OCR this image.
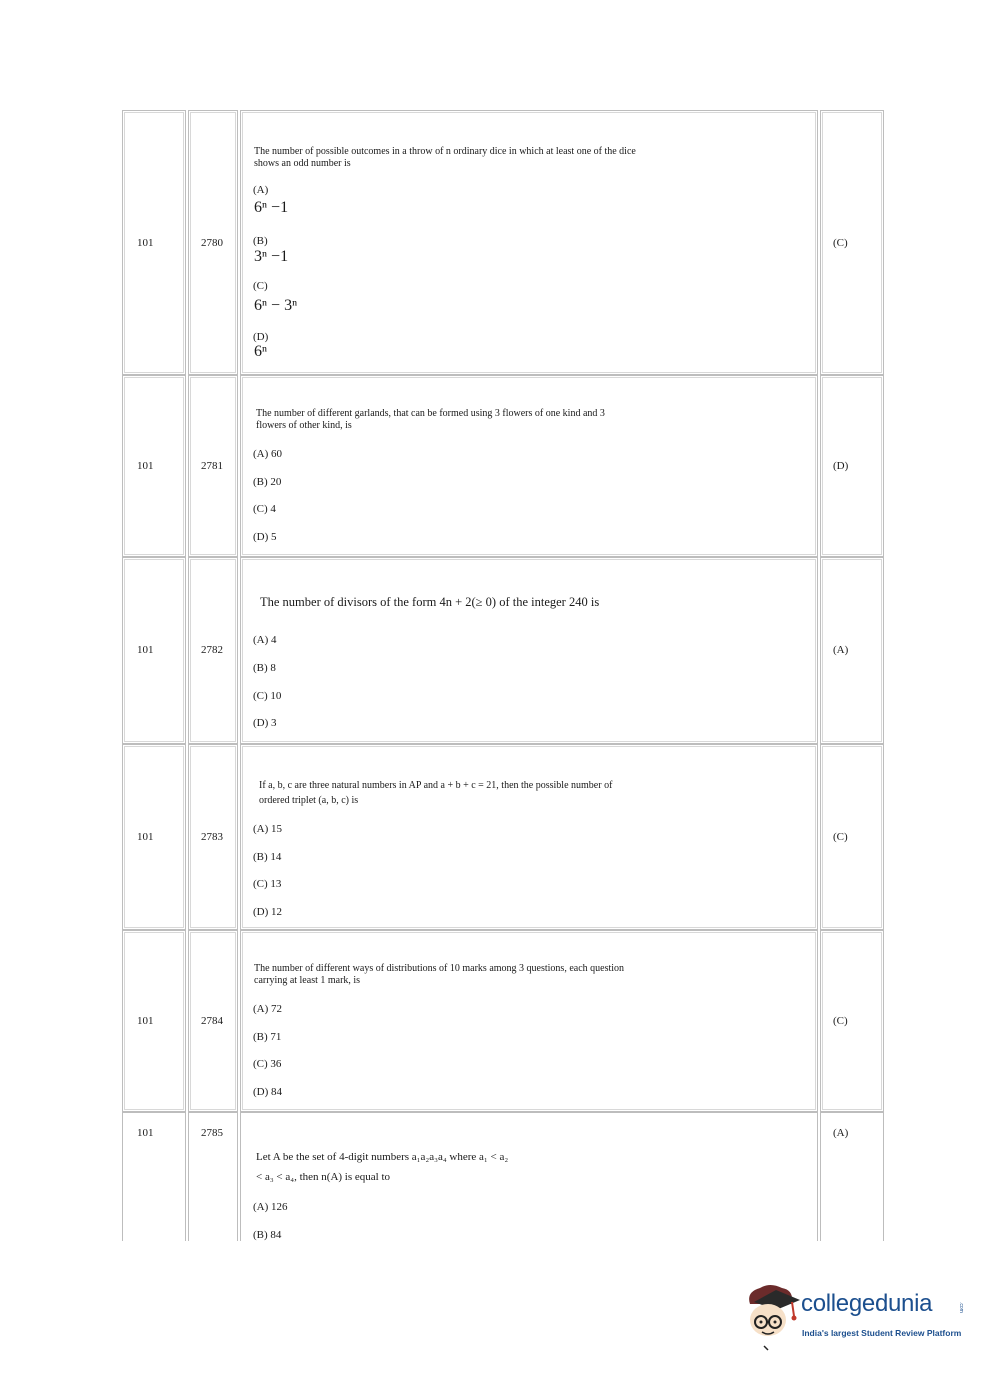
101	2780
The number of possible outcomes in a throw of n ordinary dice in which at least one of the dice shows an odd number is
(A)
6ⁿ −1
(B)
3ⁿ −1
(C)
6ⁿ − 3ⁿ
(D)
6ⁿ
(C)
101	2781
The number of different garlands, that can be formed using 3 flowers of one kind and 3 flowers of other kind, is
(A) 60
(B) 20
(C) 4
(D) 5
(D)
101	2782
The number of divisors of the form 4n + 2(≥ 0) of the integer 240 is
(A) 4
(B) 8
(C) 10
(D) 3
(A)
101	2783
If a, b, c are three natural numbers in AP and a + b + c = 21, then the possible number of ordered triplet (a, b, c) is
(A) 15
(B) 14
(C) 13
(D) 12
(C)
101	2784
The number of different ways of distributions of 10 marks among 3 questions, each question carrying at least 1 mark, is
(A) 72
(B) 71
(C) 36
(D) 84
(C)
101	2785
Let A be the set of 4-digit numbers a₁a₂a₃a₄ where a₁ < a₂ < a₃ < a₄, then n(A) is equal to
(A) 126
(B) 84
(A)
collegedunia	.com
India's largest Student Review Platform
